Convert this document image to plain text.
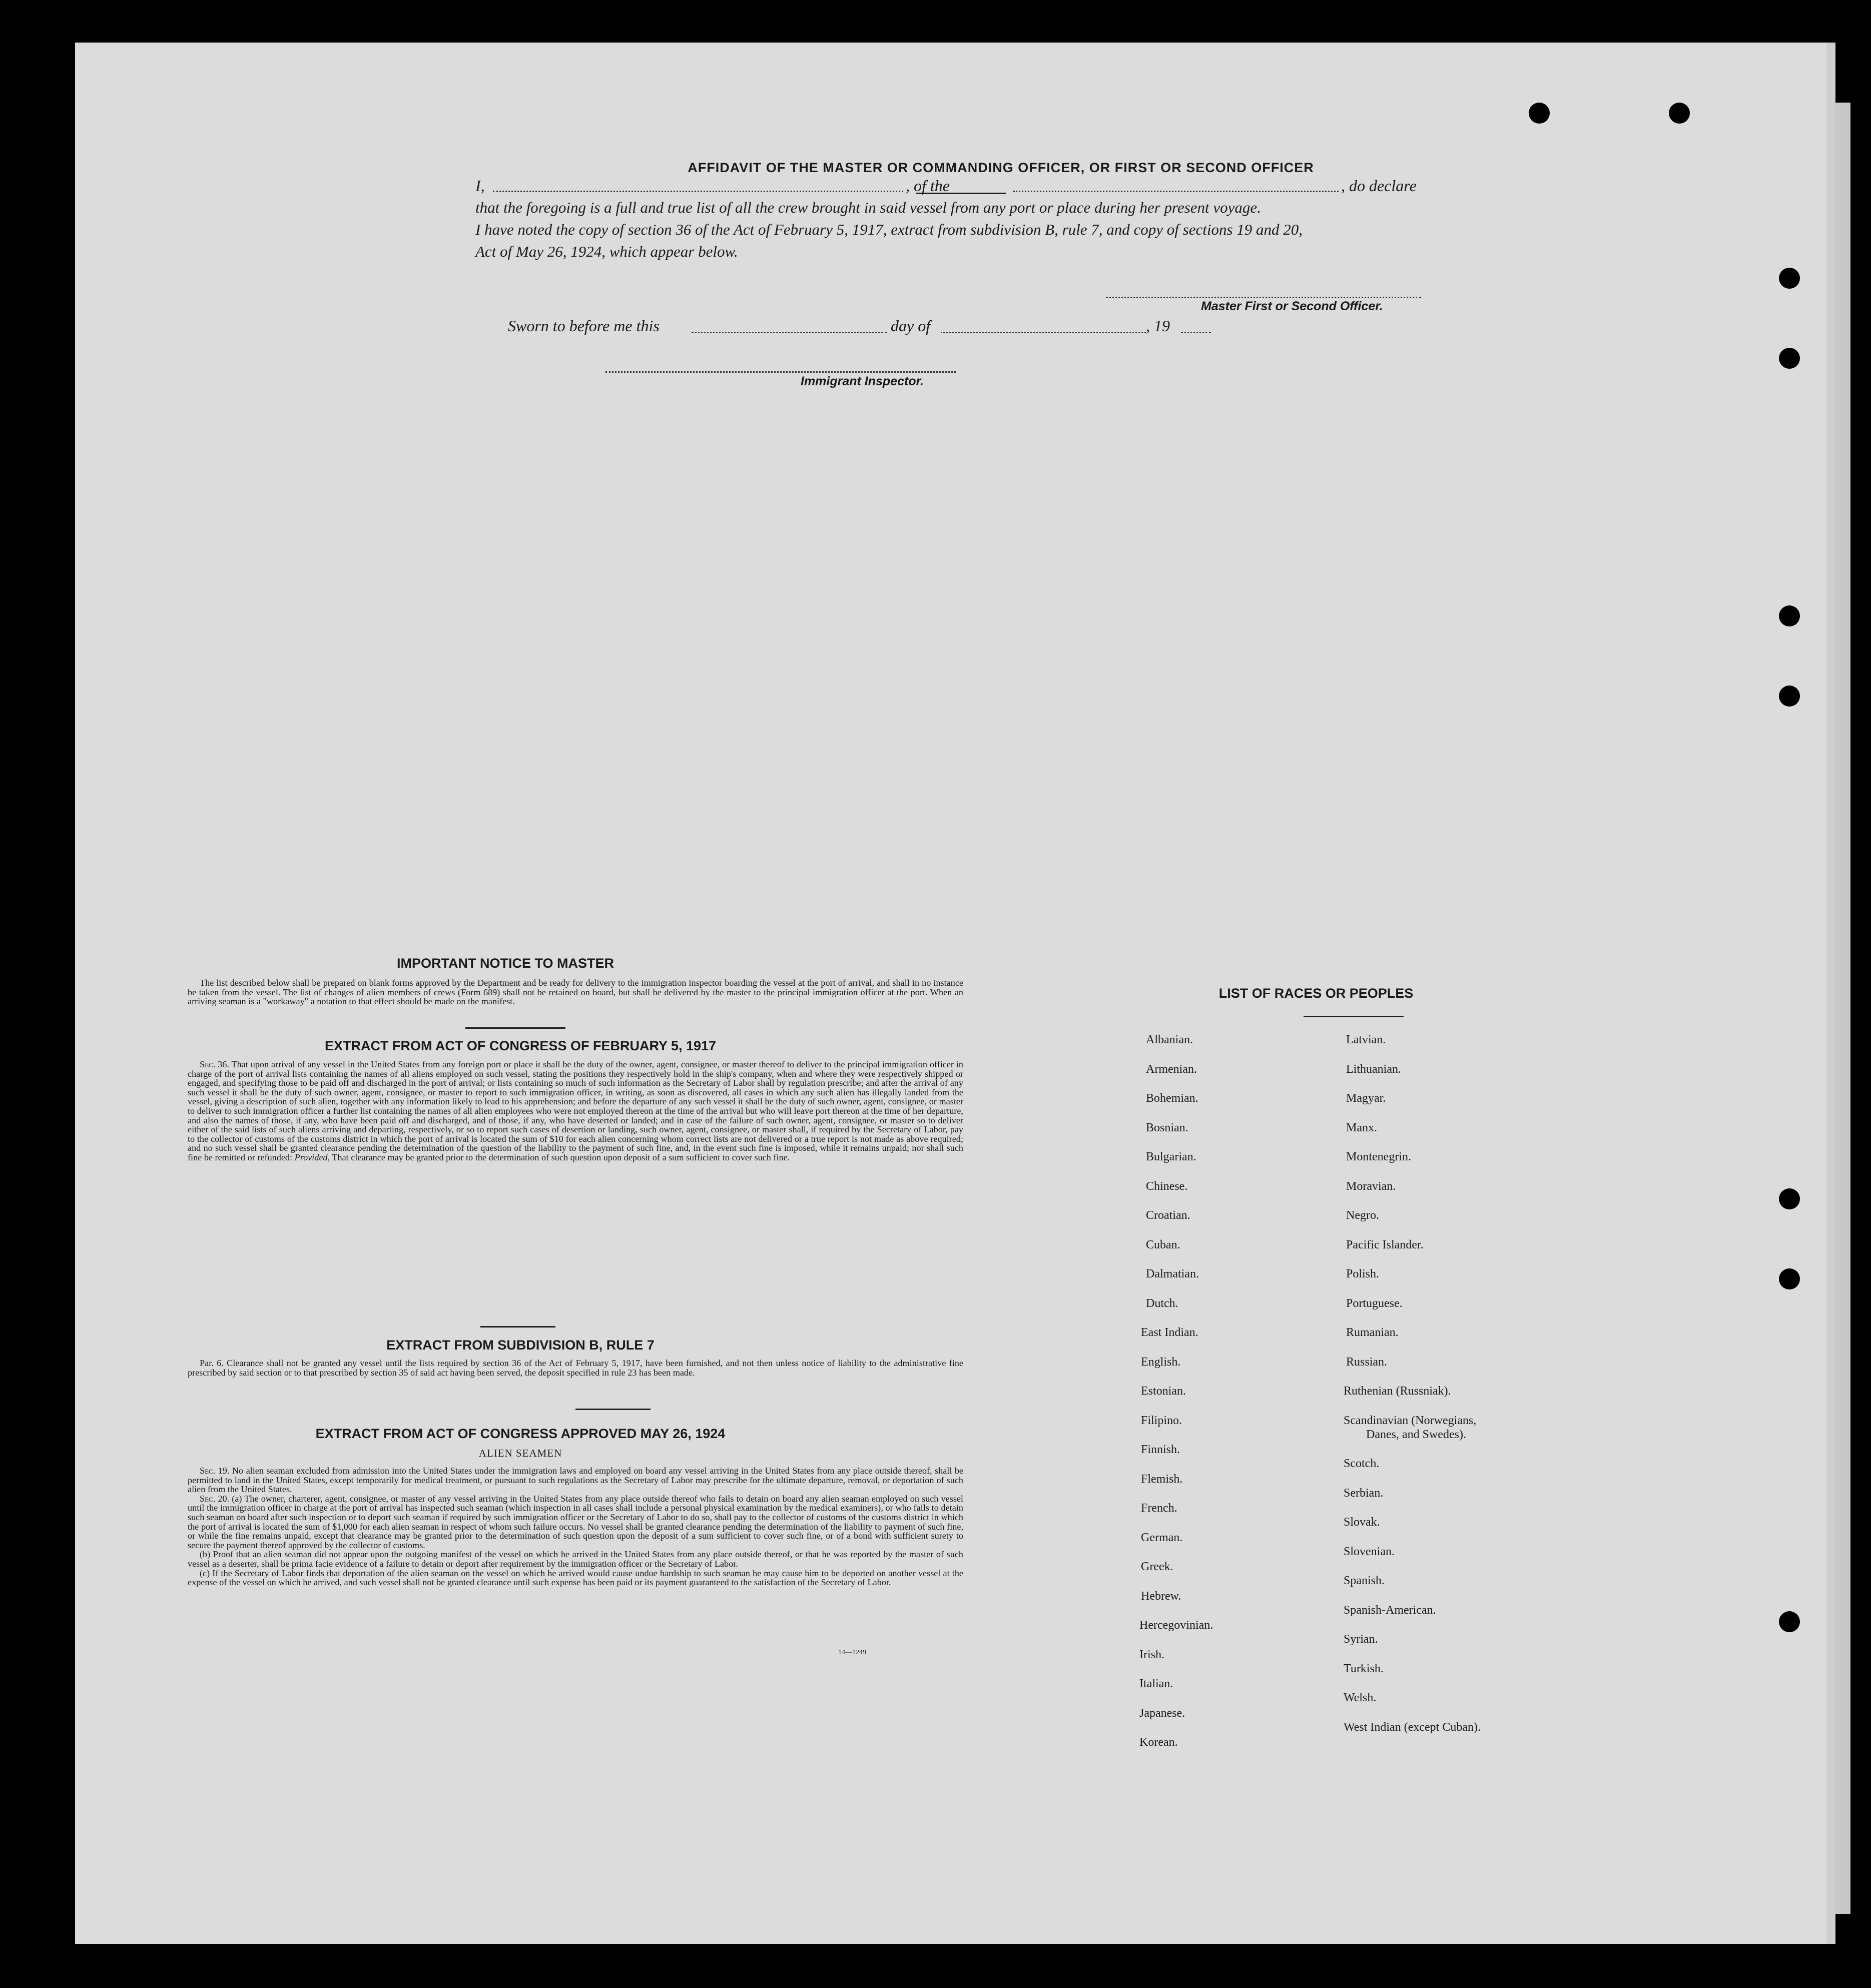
AFFIDAVIT OF THE MASTER OR COMMANDING OFFICER, OR FIRST OR SECOND OFFICER
I,	, of the	, do declare
that the foregoing is a full and true list of all the crew brought in said vessel from any port or place during her present voyage.
I have noted the copy of section 36 of the Act of February 5, 1917, extract from subdivision B, rule 7, and copy of sections 19 and 20,
Act of May 26, 1924, which appear below.
Master First or Second Officer.
Sworn to before me this	day of	, 19
Immigrant Inspector.
IMPORTANT NOTICE TO MASTER

The list described below shall be prepared on blank forms approved by the Department and be ready for delivery to the immigration inspector boarding the vessel at the port of arrival, and shall in no instance be taken from the vessel. The list of changes of alien members of crews (Form 689) shall not be retained on board, but shall be delivered by the master to the principal immigration officer at the port. When an arriving seaman is a "workaway" a notation to that effect should be made on the manifest.

EXTRACT FROM ACT OF CONGRESS OF FEBRUARY 5, 1917

Sec. 36. That upon arrival of any vessel in the United States from any foreign port or place it shall be the duty of the owner, agent, consignee, or master thereof to deliver to the principal immigration officer in charge of the port of arrival lists containing the names of all aliens employed on such vessel, stating the positions they respectively hold in the ship's company, when and where they were respectively shipped or engaged, and specifying those to be paid off and discharged in the port of arrival; or lists containing so much of such information as the Secretary of Labor shall by regulation prescribe; and after the arrival of any such vessel it shall be the duty of such owner, agent, consignee, or master to report to such immigration officer, in writing, as soon as discovered, all cases in which any such alien has illegally landed from the vessel, giving a description of such alien, together with any information likely to lead to his apprehension; and before the departure of any such vessel it shall be the duty of such owner, agent, consignee, or master to deliver to such immigration officer a further list containing the names of all alien employees who were not employed thereon at the time of the arrival but who will leave port thereon at the time of her departure, and also the names of those, if any, who have been paid off and discharged, and of those, if any, who have deserted or landed; and in case of the failure of such owner, agent, consignee, or master so to deliver either of the said lists of such aliens arriving and departing, respectively, or so to report such cases of desertion or landing, such owner, agent, consignee, or master shall, if required by the Secretary of Labor, pay to the collector of customs of the customs district in which the port of arrival is located the sum of $10 for each alien concerning whom correct lists are not delivered or a true report is not made as above required; and no such vessel shall be granted clearance pending the determination of the question of the liability to the payment of such fine, and, in the event such fine is imposed, while it remains unpaid; nor shall such fine be remitted or refunded: Provided, That clearance may be granted prior to the determination of such question upon deposit of a sum sufficient to cover such fine.

EXTRACT FROM SUBDIVISION B, RULE 7

Par. 6. Clearance shall not be granted any vessel until the lists required by section 36 of the Act of February 5, 1917, have been furnished, and not then unless notice of liability to the administrative fine prescribed by said section or to that prescribed by section 35 of said act having been served, the deposit specified in rule 23 has been made.

EXTRACT FROM ACT OF CONGRESS APPROVED MAY 26, 1924
ALIEN SEAMEN

Sec. 19. No alien seaman excluded from admission into the United States under the immigration laws and employed on board any vessel arriving in the United States from any place outside thereof, shall be permitted to land in the United States, except temporarily for medical treatment, or pursuant to such regulations as the Secretary of Labor may prescribe for the ultimate departure, removal, or deportation of such alien from the United States.

Sec. 20. (a) The owner, charterer, agent, consignee, or master of any vessel arriving in the United States from any place outside thereof who fails to detain on board any alien seaman employed on such vessel until the immigration officer in charge at the port of arrival has inspected such seaman (which inspection in all cases shall include a personal physical examination by the medical examiners), or who fails to detain such seaman on board after such inspection or to deport such seaman if required by such immigration officer or the Secretary of Labor to do so, shall pay to the collector of customs of the customs district in which the port of arrival is located the sum of $1,000 for each alien seaman in respect of whom such failure occurs. No vessel shall be granted clearance pending the determination of the liability to payment of such fine, or while the fine remains unpaid, except that clearance may be granted prior to the determination of such question upon the deposit of a sum sufficient to cover such fine, or of a bond with sufficient surety to secure the payment thereof approved by the collector of customs.

(b) Proof that an alien seaman did not appear upon the outgoing manifest of the vessel on which he arrived in the United States from any place outside thereof, or that he was reported by the master of such vessel as a deserter, shall be prima facie evidence of a failure to detain or deport after requirement by the immigration officer or the Secretary of Labor.

(c) If the Secretary of Labor finds that deportation of the alien seaman on the vessel on which he arrived would cause undue hardship to such seaman he may cause him to be deported on another vessel at the expense of the vessel on which he arrived, and such vessel shall not be granted clearance until such expense has been paid or its payment guaranteed to the satisfaction of the Secretary of Labor.

14—1249
LIST OF RACES OR PEOPLES
Albanian.
Armenian.
Bohemian.
Bosnian.
Bulgarian.
Chinese.
Croatian.
Cuban.
Dalmatian.
Dutch.
East Indian.
English.
Estonian.
Filipino.
Finnish.
Flemish.
French.
German.
Greek.
Hebrew.
Hercegovinian.
Irish.
Italian.
Japanese.
Korean.
Latvian.
Lithuanian.
Magyar.
Manx.
Montenegrin.
Moravian.
Negro.
Pacific Islander.
Polish.
Portuguese.
Rumanian.
Russian.
Ruthenian (Russniak).
Scandinavian (Norwegians,
Danes, and Swedes).
Scotch.
Serbian.
Slovak.
Slovenian.
Spanish.
Spanish-American.
Syrian.
Turkish.
Welsh.
West Indian (except Cuban).
